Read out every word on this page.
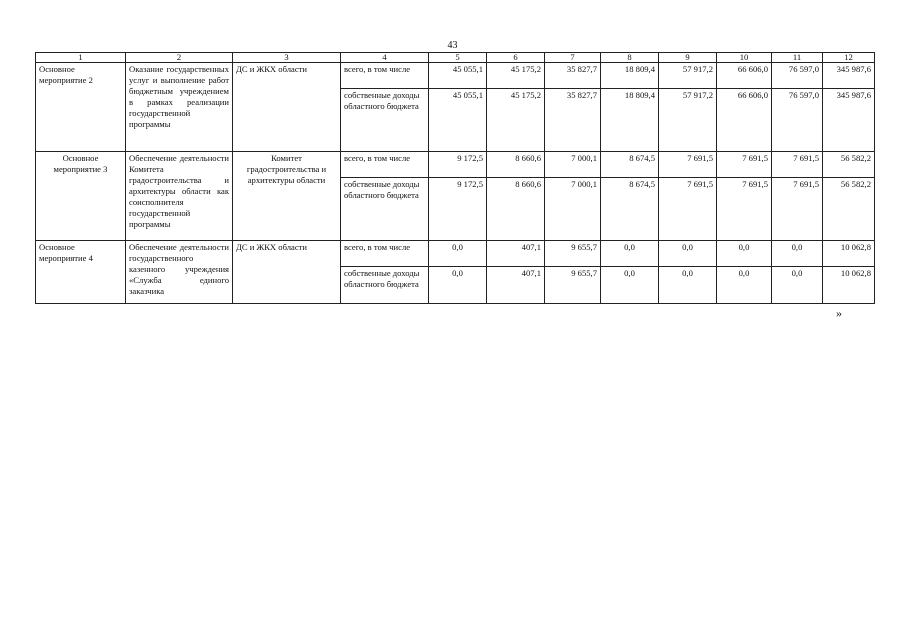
43
1	2	3	4	5	6	7	8	9	10	11	12
Основное мероприятие 2	Оказание государственных услуг и выполнение работ бюджетным учреждением в рамках реализации государственной программы	ДС и ЖКХ области	всего, в том числе	45 055,1	45 175,2	35 827,7	18 809,4	57 917,2	66 606,0	76 597,0	345 987,6
			собственные доходы областного бюджета	45 055,1	45 175,2	35 827,7	18 809,4	57 917,2	66 606,0	76 597,0	345 987,6
Основное мероприятие 3	Обеспечение деятельности Комитета градостроительства и архитектуры области как соисполнителя государственной программы	Комитет градостроительства и архитектуры области	всего, в том числе	9 172,5	8 660,6	7 000,1	8 674,5	7 691,5	7 691,5	7 691,5	56 582,2
			собственные доходы областного бюджета	9 172,5	8 660,6	7 000,1	8 674,5	7 691,5	7 691,5	7 691,5	56 582,2
Основное мероприятие 4	Обеспечение деятельности государственного казенного учреждения «Служба единого заказчика	ДС и ЖКХ области	всего, в том числе	0,0	407,1	9 655,7	0,0	0,0	0,0	0,0	10 062,8
			собственные доходы областного бюджета	0,0	407,1	9 655,7	0,0	0,0	0,0	0,0	10 062,8
»
